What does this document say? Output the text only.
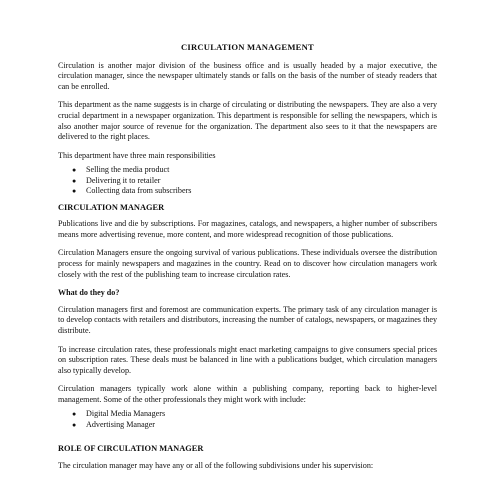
CIRCULATION MANAGEMENT

Circulation is another major division of the business office and is usually headed by a major executive, the circulation manager, since the newspaper ultimately stands or falls on the basis of the number of steady readers that can be enrolled.

This department as the name suggests is in charge of circulating or distributing the newspapers. They are also a very crucial department in a newspaper organization. This department is responsible for selling the newspapers, which is also another major source of revenue for the organization. The department also sees to it that the newspapers are delivered to the right places.

This department have three main responsibilities

● Selling the media product
● Delivering it to retailer
● Collecting data from subscribers
CIRCULATION MANAGER

Publications live and die by subscriptions. For magazines, catalogs, and newspapers, a higher number of subscribers means more advertising revenue, more content, and more widespread recognition of those publications.

Circulation Managers ensure the ongoing survival of various publications. These individuals oversee the distribution process for mainly newspapers and magazines in the country. Read on to discover how circulation managers work closely with the rest of the publishing team to increase circulation rates.

What do they do?

Circulation managers first and foremost are communication experts. The primary task of any circulation manager is to develop contacts with retailers and distributors, increasing the number of catalogs, newspapers, or magazines they distribute.

To increase circulation rates, these professionals might enact marketing campaigns to give consumers special prices on subscription rates. These deals must be balanced in line with a publications budget, which circulation managers also typically develop.

Circulation managers typically work alone within a publishing company, reporting back to higher-level management. Some of the other professionals they might work with include:

● Digital Media Managers
● Advertising Manager
ROLE OF CIRCULATION MANAGER

The circulation manager may have any or all of the following subdivisions under his supervision:
